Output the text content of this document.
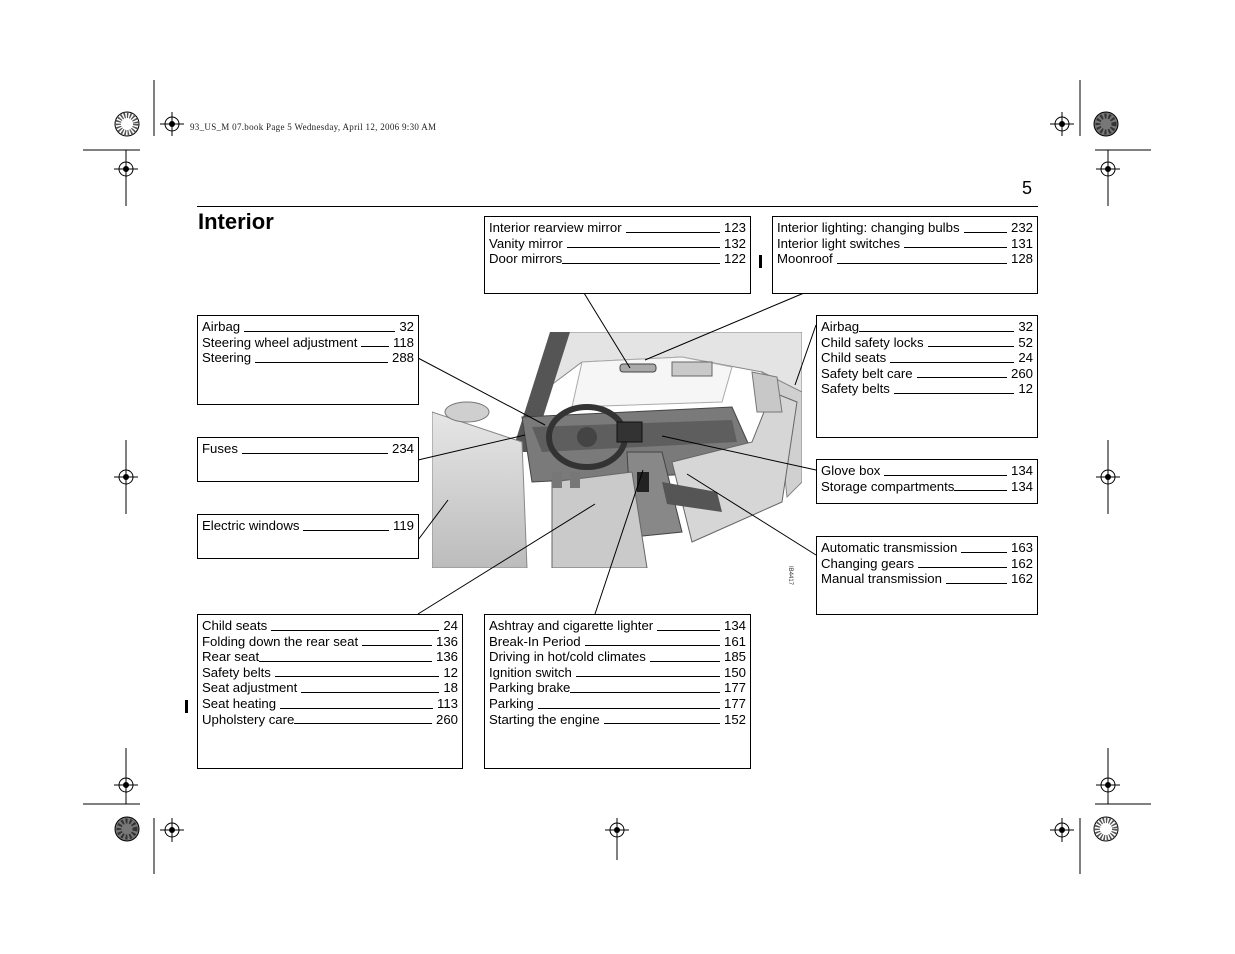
93_US_M 07.book Page 5 Wednesday, April 12, 2006 9:30 AM
5
Interior
IB4417
Interior rearview mirror	123
Vanity mirror	132
Door mirrors	122
Interior lighting: changing bulbs	232
Interior light switches	131
Moonroof	128
Airbag	32
Steering wheel adjustment	118
Steering	288
Airbag	32
Child safety locks	52
Child seats	24
Safety belt care	260
Safety belts	12
Fuses	234
Glove box	134
Storage compartments	134
Electric windows	119
Automatic transmission	163
Changing gears	162
Manual transmission	162
Child seats	24
Folding down the rear seat	136
Rear seat	136
Safety belts	12
Seat adjustment	18
Seat heating	113
Upholstery care	260
Ashtray and cigarette lighter	134
Break-In Period	161
Driving in hot/cold climates	185
Ignition switch	150
Parking brake	177
Parking	177
Starting the engine	152
